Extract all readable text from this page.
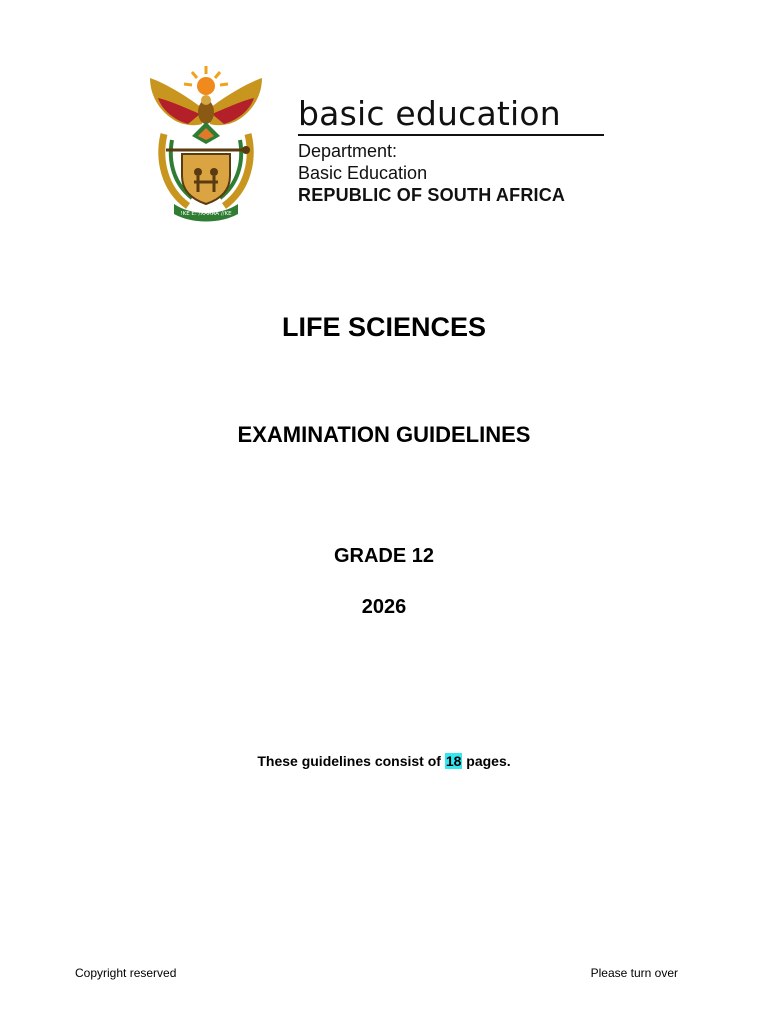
!KE E: /XARRA //KE
basic education
Department:
Basic Education
REPUBLIC OF SOUTH AFRICA
LIFE SCIENCES
EXAMINATION GUIDELINES
GRADE 12
2026
These guidelines consist of 18 pages.
Copyright reserved	Please turn over
